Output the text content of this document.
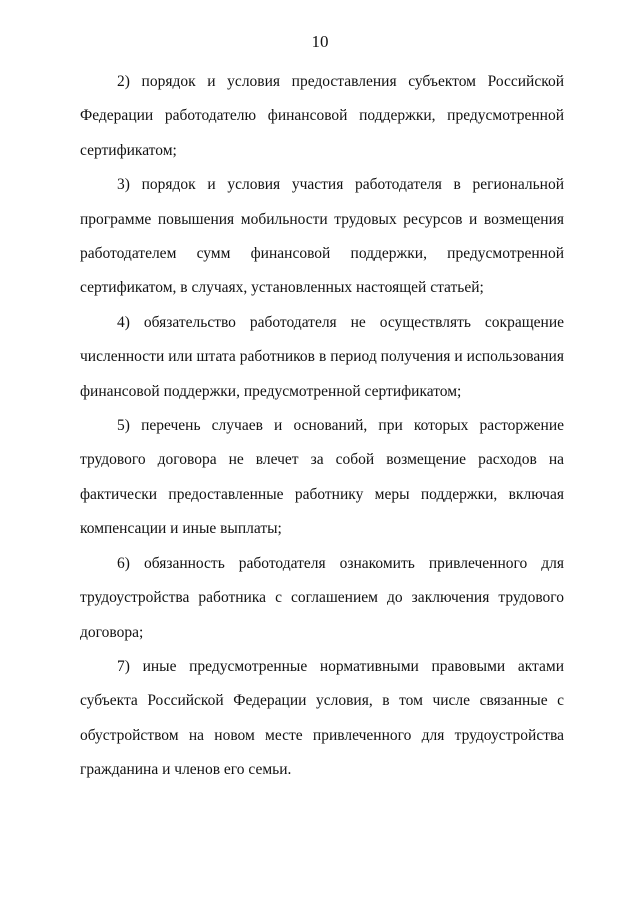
10

2) порядок и условия предоставления субъектом Российской Федерации работодателю финансовой поддержки, предусмотренной сертификатом;

3) порядок и условия участия работодателя в региональной программе повышения мобильности трудовых ресурсов и возмещения работодателем сумм финансовой поддержки, предусмотренной сертификатом, в случаях, установленных настоящей статьей;

4) обязательство работодателя не осуществлять сокращение численности или штата работников в период получения и использования финансовой поддержки, предусмотренной сертификатом;

5) перечень случаев и оснований, при которых расторжение трудового договора не влечет за собой возмещение расходов на фактически предоставленные работнику меры поддержки, включая компенсации и иные выплаты;

6) обязанность работодателя ознакомить привлеченного для трудоустройства работника с соглашением до заключения трудового договора;

7) иные предусмотренные нормативными правовыми актами субъекта Российской Федерации условия, в том числе связанные с обустройством на новом месте привлеченного для трудоустройства гражданина и членов его семьи.
